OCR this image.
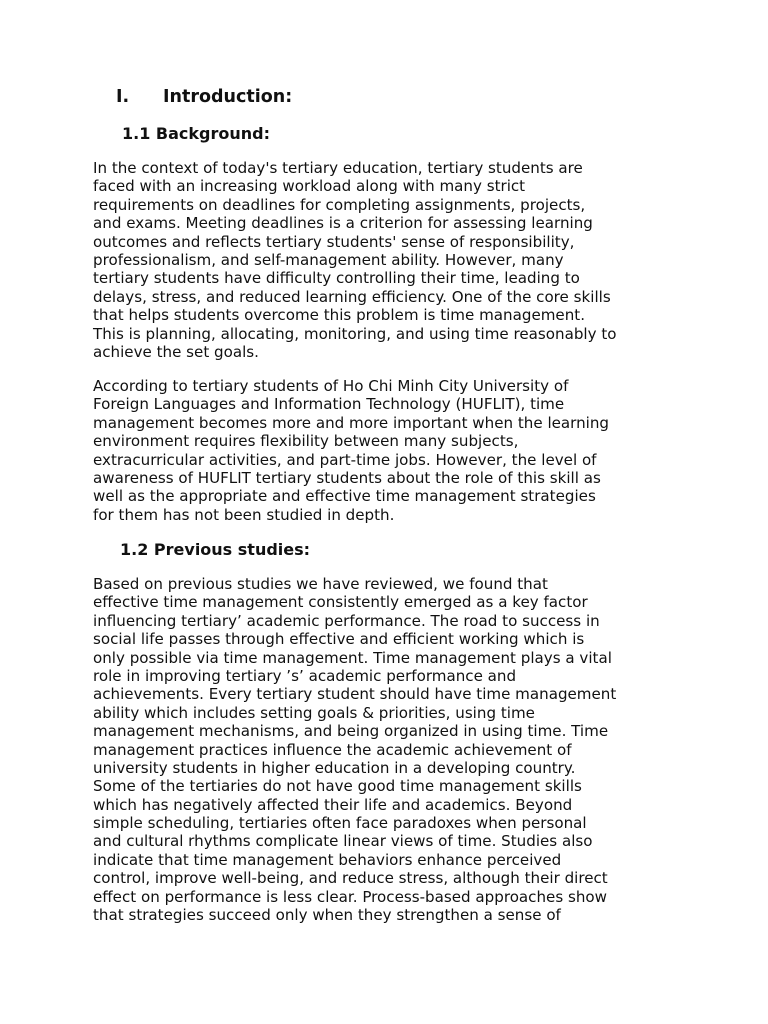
I. Introduction:
1.1 Background:

In the context of today's tertiary education, tertiary students are
faced with an increasing workload along with many strict
requirements on deadlines for completing assignments, projects,
and exams. Meeting deadlines is a criterion for assessing learning
outcomes and reflects tertiary students' sense of responsibility,
professionalism, and self-management ability. However, many
tertiary students have difficulty controlling their time, leading to
delays, stress, and reduced learning efficiency. One of the core skills
that helps students overcome this problem is time management.
This is planning, allocating, monitoring, and using time reasonably to
achieve the set goals.

According to tertiary students of Ho Chi Minh City University of
Foreign Languages and Information Technology (HUFLIT), time
management becomes more and more important when the learning
environment requires flexibility between many subjects,
extracurricular activities, and part-time jobs. However, the level of
awareness of HUFLIT tertiary students about the role of this skill as
well as the appropriate and effective time management strategies
for them has not been studied in depth.

1.2 Previous studies:

Based on previous studies we have reviewed, we found that
effective time management consistently emerged as a key factor
influencing tertiary’ academic performance. The road to success in
social life passes through effective and efficient working which is
only possible via time management. Time management plays a vital
role in improving tertiary ’s’ academic performance and
achievements. Every tertiary student should have time management
ability which includes setting goals & priorities, using time
management mechanisms, and being organized in using time. Time
management practices influence the academic achievement of
university students in higher education in a developing country.
Some of the tertiaries do not have good time management skills
which has negatively affected their life and academics. Beyond
simple scheduling, tertiaries often face paradoxes when personal
and cultural rhythms complicate linear views of time. Studies also
indicate that time management behaviors enhance perceived
control, improve well-being, and reduce stress, although their direct
effect on performance is less clear. Process-based approaches show
that strategies succeed only when they strengthen a sense of
